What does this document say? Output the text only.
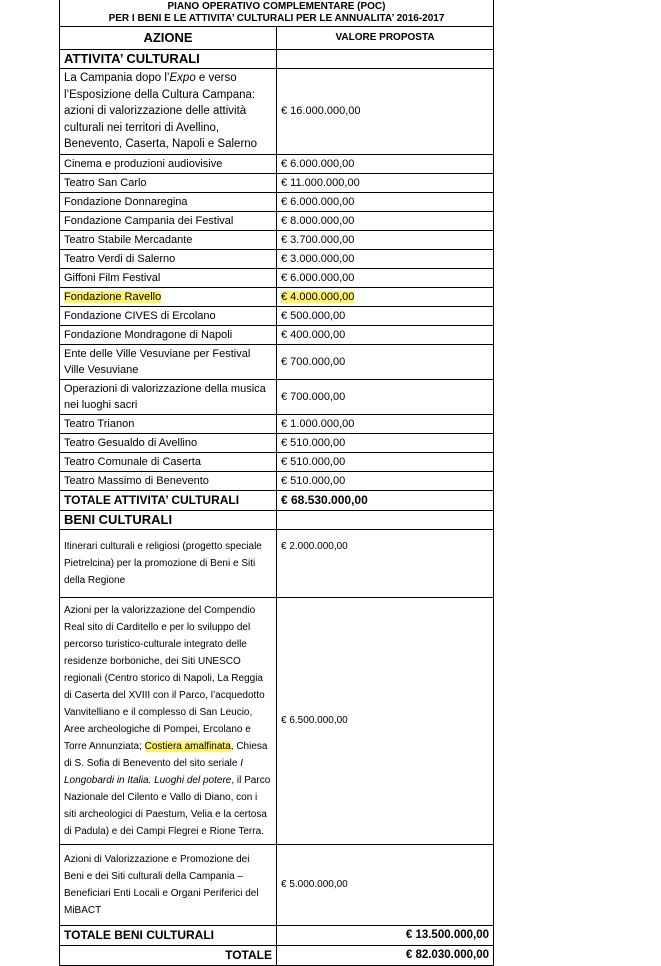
PIANO OPERATIVO COMPLEMENTARE (POC)
PER I BENI E LE ATTIVITA’ CULTURALI PER LE ANNUALITA’ 2016-2017	

AZIONE	VALORE PROPOSTA
ATTIVITA’ CULTURALI	
La Campania dopo l’Expo e verso l’Esposizione della Cultura Campana: azioni di valorizzazione delle attività culturali nei territori di Avellino, Benevento, Caserta, Napoli e Salerno	€ 16.000.000,00
Cinema e produzioni audiovisive	€ 6.000.000,00
Teatro San Carlo	€ 11.000.000,00
Fondazione Donnaregina	€ 6.000.000,00
Fondazione Campania dei Festival	€ 8.000.000,00
Teatro Stabile Mercadante	€ 3.700.000,00
Teatro Verdi di Salerno	€ 3.000.000,00
Giffoni Film Festival	€ 6.000.000,00
Fondazione Ravello	€ 4.000.000,00
Fondazione CIVES di Ercolano	€ 500.000,00
Fondazione Mondragone di Napoli	€ 400.000,00
Ente delle Ville Vesuviane per Festival Ville Vesuviane	€ 700.000,00
Operazioni di valorizzazione della musica nei luoghi sacri	€ 700.000,00
Teatro Trianon	€ 1.000.000,00
Teatro Gesualdo di Avellino	€ 510.000,00
Teatro Comunale di Caserta	€ 510.000,00
Teatro Massimo di Benevento	€ 510.000,00
TOTALE ATTIVITA’ CULTURALI	€ 68.530.000,00
BENI CULTURALI	
Itinerari culturali e religiosi (progetto speciale Pietrelcina) per la promozione di Beni e Siti della Regione	€ 2.000.000,00
Azioni per la valorizzazione del Compendio Real sito di Carditello e per lo sviluppo del percorso turistico-culturale integrato delle residenze borboniche, dei Siti UNESCO regionali (Centro storico di Napoli, La Reggia di Caserta del XVIII con il Parco, l’acquedotto Vanvitelliano e il complesso di San Leucio, Aree archeologiche di Pompei, Ercolano e Torre Annunziata; Costiera amalfinata, Chiesa di S. Sofia di Benevento del sito seriale I Longobardi in Italia. Luoghi del potere, il Parco Nazionale del Cilento e Vallo di Diano, con i siti archeologici di Paestum, Velia e la certosa di Padula) e dei Campi Flegrei e Rione Terra.	€ 6.500.000,00
Azioni di Valorizzazione e Promozione dei Beni e dei Siti culturali della Campania – Beneficiari Enti Locali e Organi Periferici del MiBACT	€ 5.000.000,00
TOTALE BENI CULTURALI	€ 13.500.000,00
TOTALE	€ 82.030.000,00
